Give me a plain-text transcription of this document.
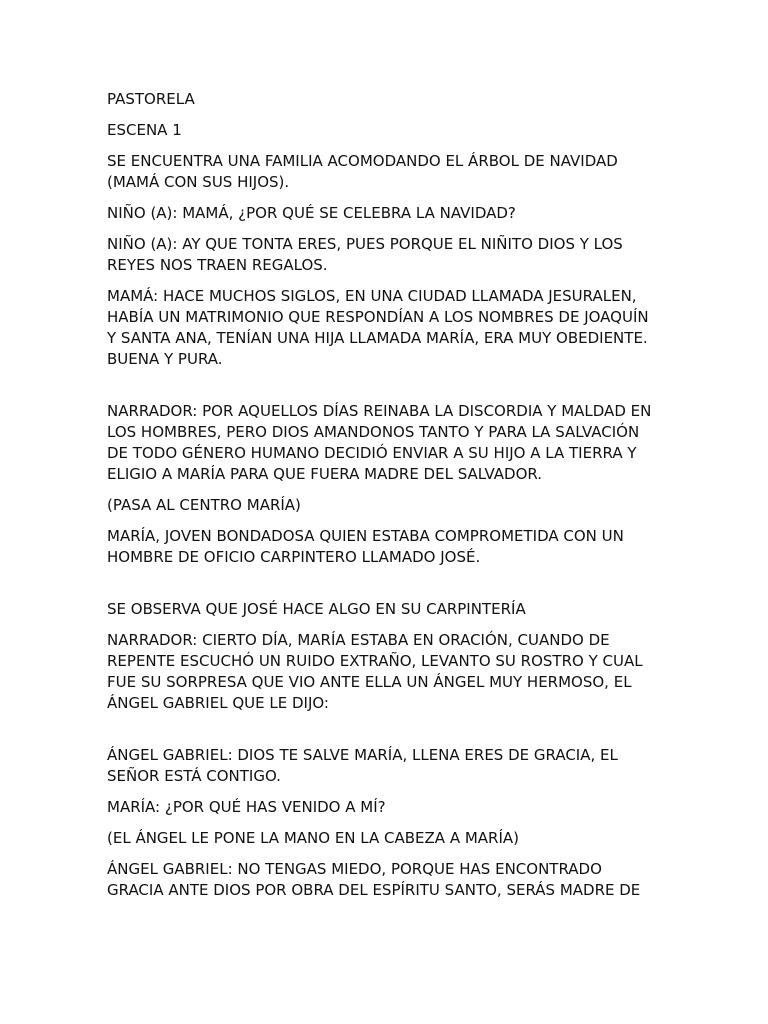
PASTORELA

ESCENA 1

SE ENCUENTRA UNA FAMILIA ACOMODANDO EL ÁRBOL DE NAVIDAD
(MAMÁ CON SUS HIJOS).

NIÑO (A): MAMÁ, ¿POR QUÉ SE CELEBRA LA NAVIDAD?

NIÑO (A): AY QUE TONTA ERES, PUES PORQUE EL NIÑITO DIOS Y LOS
REYES NOS TRAEN REGALOS.

MAMÁ: HACE MUCHOS SIGLOS, EN UNA CIUDAD LLAMADA JESURALEN,
HABÍA UN MATRIMONIO QUE RESPONDÍAN A LOS NOMBRES DE JOAQUÍN
Y SANTA ANA, TENÍAN UNA HIJA LLAMADA MARÍA, ERA MUY OBEDIENTE.
BUENA Y PURA.

NARRADOR: POR AQUELLOS DÍAS REINABA LA DISCORDIA Y MALDAD EN
LOS HOMBRES, PERO DIOS AMANDONOS TANTO Y PARA LA SALVACIÓN
DE TODO GÉNERO HUMANO DECIDIÓ ENVIAR A SU HIJO A LA TIERRA Y
ELIGIO A MARÍA PARA QUE FUERA MADRE DEL SALVADOR.

(PASA AL CENTRO MARÍA)

MARÍA, JOVEN BONDADOSA QUIEN ESTABA COMPROMETIDA CON UN
HOMBRE DE OFICIO CARPINTERO LLAMADO JOSÉ.

SE OBSERVA QUE JOSÉ HACE ALGO EN SU CARPINTERÍA

NARRADOR: CIERTO DÍA, MARÍA ESTABA EN ORACIÓN, CUANDO DE
REPENTE ESCUCHÓ UN RUIDO EXTRAÑO, LEVANTO SU ROSTRO Y CUAL
FUE SU SORPRESA QUE VIO ANTE ELLA UN ÁNGEL MUY HERMOSO, EL
ÁNGEL GABRIEL QUE LE DIJO:

ÁNGEL GABRIEL: DIOS TE SALVE MARÍA, LLENA ERES DE GRACIA, EL
SEÑOR ESTÁ CONTIGO.

MARÍA: ¿POR QUÉ HAS VENIDO A MÍ?

(EL ÁNGEL LE PONE LA MANO EN LA CABEZA A MARÍA)

ÁNGEL GABRIEL: NO TENGAS MIEDO, PORQUE HAS ENCONTRADO
GRACIA ANTE DIOS POR OBRA DEL ESPÍRITU SANTO, SERÁS MADRE DE
